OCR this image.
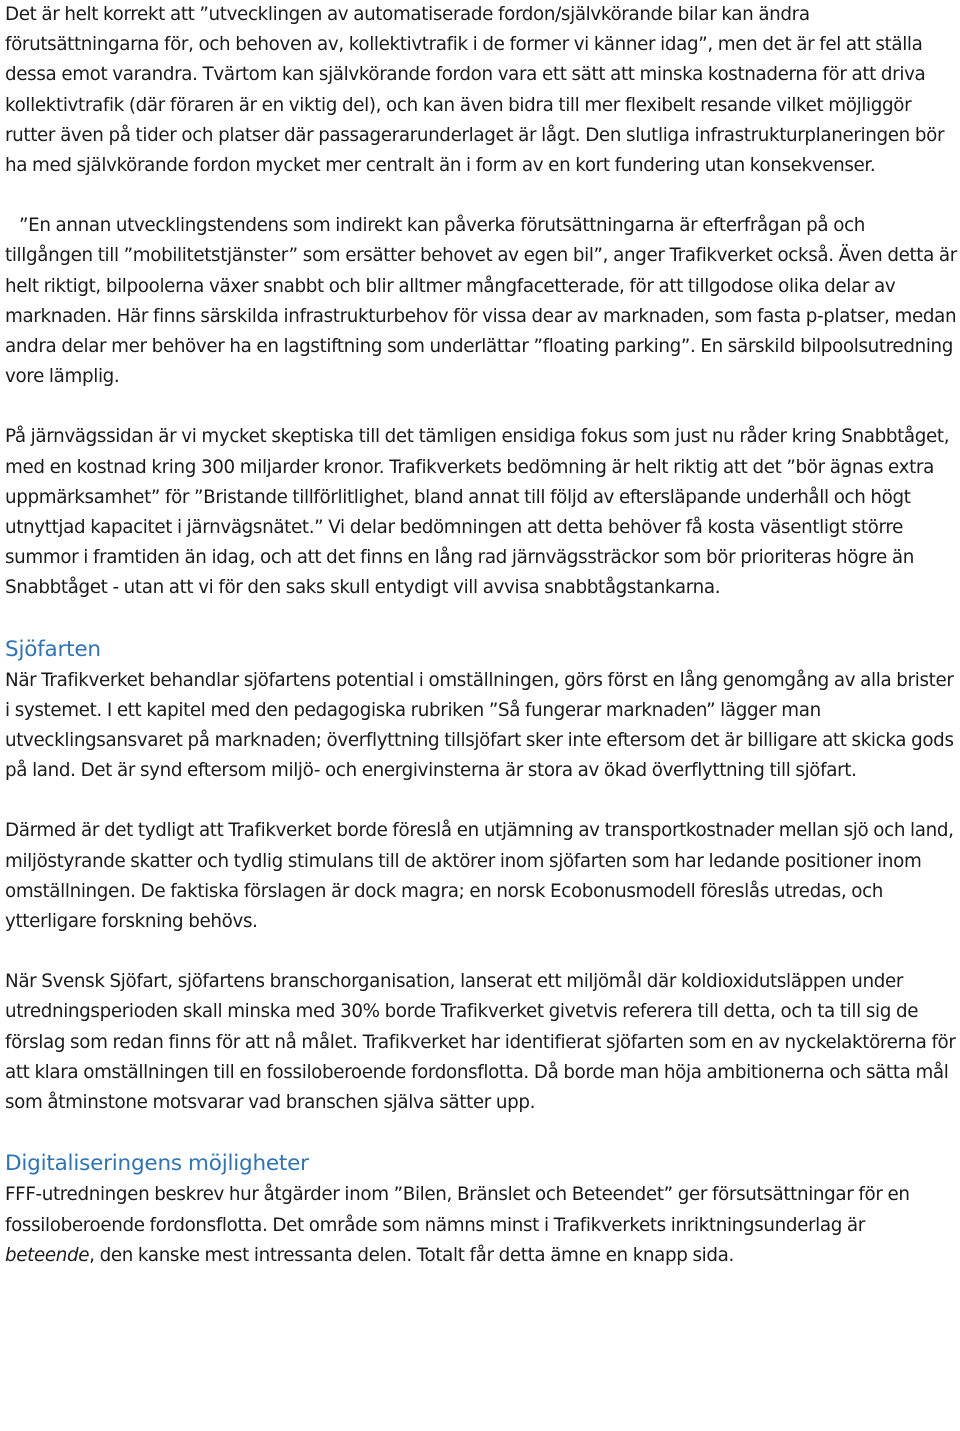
Det är helt korrekt att ”utvecklingen av automatiserade fordon/självkörande bilar kan ändra förutsättningarna för, och behoven av, kollektivtrafik i de former vi känner idag”, men det är fel att ställa dessa emot varandra. Tvärtom kan självkörande fordon vara ett sätt att minska kostnaderna för att driva kollektivtrafik (där föraren är en viktig del), och kan även bidra till mer flexibelt resande vilket möjliggör rutter även på tider och platser där passagerarunderlaget är lågt. Den slutliga infrastrukturplaneringen bör ha med självkörande fordon mycket mer centralt än i form av en kort fundering utan konsekvenser.

”En annan utvecklingstendens som indirekt kan påverka förutsättningarna är efterfrågan på och tillgången till ”mobilitetstjänster” som ersätter behovet av egen bil”, anger Trafikverket också. Även detta är helt riktigt, bilpoolerna växer snabbt och blir alltmer mångfacetterade, för att tillgodose olika delar av marknaden. Här finns särskilda infrastrukturbehov för vissa dear av marknaden, som fasta p-platser, medan andra delar mer behöver ha en lagstiftning som underlättar ”floating parking”. En särskild bilpoolsutredning vore lämplig.

På järnvägssidan är vi mycket skeptiska till det tämligen ensidiga fokus som just nu råder kring Snabbtåget, med en kostnad kring 300 miljarder kronor. Trafikverkets bedömning är helt riktig att det ”bör ägnas extra uppmärksamhet” för ”Bristande tillförlitlighet, bland annat till följd av eftersläpande underhåll och högt utnyttjad kapacitet i järnvägsnätet.” Vi delar bedömningen att detta behöver få kosta väsentligt större summor i framtiden än idag, och att det finns en lång rad järnvägssträckor som bör prioriteras högre än Snabbtåget - utan att vi för den saks skull entydigt vill avvisa snabbtågstankarna.

Sjöfarten

När Trafikverket behandlar sjöfartens potential i omställningen, görs först en lång genomgång av alla brister i systemet. I ett kapitel med den pedagogiska rubriken ”Så fungerar marknaden” lägger man utvecklingsansvaret på marknaden; överflyttning tillsjöfart sker inte eftersom det är billigare att skicka gods på land. Det är synd eftersom miljö- och energivinsterna är stora av ökad överflyttning till sjöfart.

Därmed är det tydligt att Trafikverket borde föreslå en utjämning av transportkostnader mellan sjö och land, miljöstyrande skatter och tydlig stimulans till de aktörer inom sjöfarten som har ledande positioner inom omställningen. De faktiska förslagen är dock magra; en norsk Ecobonusmodell föreslås utredas, och ytterligare forskning behövs.

När Svensk Sjöfart, sjöfartens branschorganisation, lanserat ett miljömål där koldioxidutsläppen under utredningsperioden skall minska med 30% borde Trafikverket givetvis referera till detta, och ta till sig de förslag som redan finns för att nå målet. Trafikverket har identifierat sjöfarten som en av nyckelaktörerna för att klara omställningen till en fossiloberoende fordonsflotta. Då borde man höja ambitionerna och sätta mål som åtminstone motsvarar vad branschen själva sätter upp.

Digitaliseringens möjligheter

FFF-utredningen beskrev hur åtgärder inom ”Bilen, Bränslet och Beteendet” ger försutsättningar för en fossiloberoende fordonsflotta. Det område som nämns minst i Trafikverkets inriktningsunderlag är beteende, den kanske mest intressanta delen. Totalt får detta ämne en knapp sida.
